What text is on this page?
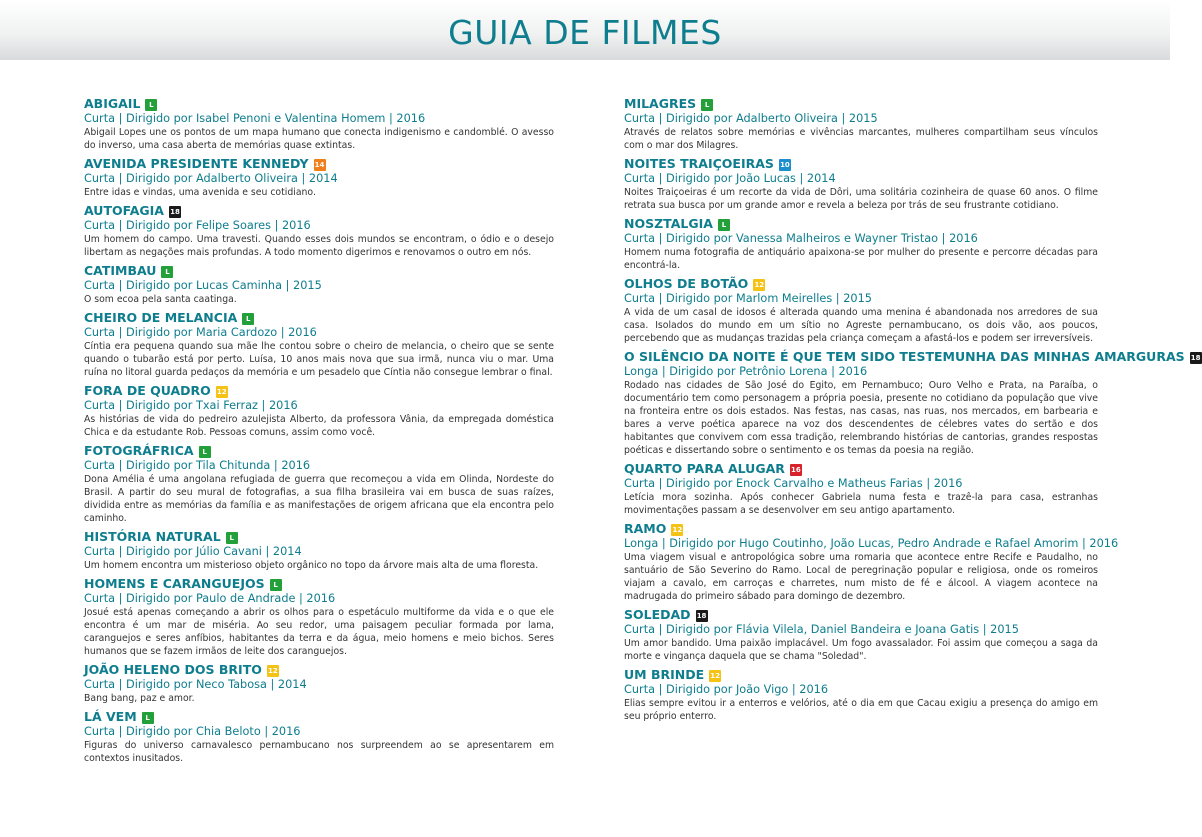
GUIA DE FILMES
ABIGAIL L
Curta | Dirigido por Isabel Penoni e Valentina Homem | 2016
Abigail Lopes une os pontos de um mapa humano que conecta indigenismo e candomblé. O avesso do inverso, uma casa aberta de memórias quase extintas.
AVENIDA PRESIDENTE KENNEDY 14
Curta | Dirigido por Adalberto Oliveira | 2014
Entre idas e vindas, uma avenida e seu cotidiano.
AUTOFAGIA 18
Curta | Dirigido por Felipe Soares | 2016
Um homem do campo. Uma travesti. Quando esses dois mundos se encontram, o ódio e o desejo libertam as negações mais profundas. A todo momento digerimos e renovamos o outro em nós.
CATIMBAU L
Curta | Dirigido por Lucas Caminha | 2015
O som ecoa pela santa caatinga.
CHEIRO DE MELANCIA L
Curta | Dirigido por Maria Cardozo | 2016
Cíntia era pequena quando sua mãe lhe contou sobre o cheiro de melancia, o cheiro que se sente quando o tubarão está por perto. Luísa, 10 anos mais nova que sua irmã, nunca viu o mar. Uma ruína no litoral guarda pedaços da memória e um pesadelo que Cíntia não consegue lembrar o final.
FORA DE QUADRO 12
Curta | Dirigido por Txai Ferraz | 2016
As histórias de vida do pedreiro azulejista Alberto, da professora Vânia, da empregada doméstica Chica e da estudante Rob. Pessoas comuns, assim como você.
FOTOGRÁFRICA L
Curta | Dirigido por Tila Chitunda | 2016
Dona Amélia é uma angolana refugiada de guerra que recomeçou a vida em Olinda, Nordeste do Brasil. A partir do seu mural de fotografias, a sua filha brasileira vai em busca de suas raízes, dividida entre as memórias da família e as manifestações de origem africana que ela encontra pelo caminho.
HISTÓRIA NATURAL L
Curta | Dirigido por Júlio Cavani | 2014
Um homem encontra um misterioso objeto orgânico no topo da árvore mais alta de uma floresta.
HOMENS E CARANGUEJOS L
Curta | Dirigido por Paulo de Andrade | 2016
Josué está apenas começando a abrir os olhos para o espetáculo multiforme da vida e o que ele encontra é um mar de miséria. Ao seu redor, uma paisagem peculiar formada por lama, caranguejos e seres anfíbios, habitantes da terra e da água, meio homens e meio bichos. Seres humanos que se fazem irmãos de leite dos caranguejos.
JOÃO HELENO DOS BRITO 12
Curta | Dirigido por Neco Tabosa | 2014
Bang bang, paz e amor.
LÁ VEM L
Curta | Dirigido por Chia Beloto | 2016
Figuras do universo carnavalesco pernambucano nos surpreendem ao se apresentarem em contextos inusitados.
MILAGRES L
Curta | Dirigido por Adalberto Oliveira | 2015
Através de relatos sobre memórias e vivências marcantes, mulheres compartilham seus vínculos com o mar dos Milagres.
NOITES TRAIÇOEIRAS 10
Curta | Dirigido por João Lucas | 2014
Noites Traiçoeiras é um recorte da vida de Dôri, uma solitária cozinheira de quase 60 anos. O filme retrata sua busca por um grande amor e revela a beleza por trás de seu frustrante cotidiano.
NOSZTALGIA L
Curta | Dirigido por Vanessa Malheiros e Wayner Tristao | 2016
Homem numa fotografia de antiquário apaixona-se por mulher do presente e percorre décadas para encontrá-la.
OLHOS DE BOTÃO 12
Curta | Dirigido por Marlom Meirelles | 2015
A vida de um casal de idosos é alterada quando uma menina é abandonada nos arredores de sua casa. Isolados do mundo em um sítio no Agreste pernambucano, os dois vão, aos poucos, percebendo que as mudanças trazidas pela criança começam a afastá-los e podem ser irreversíveis.
O SILÊNCIO DA NOITE É QUE TEM SIDO TESTEMUNHA DAS MINHAS AMARGURAS 18
Longa | Dirigido por Petrônio Lorena | 2016
Rodado nas cidades de São José do Egito, em Pernambuco; Ouro Velho e Prata, na Paraíba, o documentário tem como personagem a própria poesia, presente no cotidiano da população que vive na fronteira entre os dois estados. Nas festas, nas casas, nas ruas, nos mercados, em barbearia e bares a verve poética aparece na voz dos descendentes de célebres vates do sertão e dos habitantes que convivem com essa tradição, relembrando histórias de cantorias, grandes respostas poéticas e dissertando sobre o sentimento e os temas da poesia na região.
QUARTO PARA ALUGAR 16
Curta | Dirigido por Enock Carvalho e Matheus Farias | 2016
Letícia mora sozinha. Após conhecer Gabriela numa festa e trazê-la para casa, estranhas movimentações passam a se desenvolver em seu antigo apartamento.
RAMO 12
Longa | Dirigido por Hugo Coutinho, João Lucas, Pedro Andrade e Rafael Amorim | 2016
Uma viagem visual e antropológica sobre uma romaria que acontece entre Recife e Paudalho, no santuário de São Severino do Ramo. Local de peregrinação popular e religiosa, onde os romeiros viajam a cavalo, em carroças e charretes, num misto de fé e álcool. A viagem acontece na madrugada do primeiro sábado para domingo de dezembro.
SOLEDAD 18
Curta | Dirigido por Flávia Vilela, Daniel Bandeira e Joana Gatis | 2015
Um amor bandido. Uma paixão implacável. Um fogo avassalador. Foi assim que começou a saga da morte e vingança daquela que se chama "Soledad".
UM BRINDE 12
Curta | Dirigido por João Vigo | 2016
Elias sempre evitou ir a enterros e velórios, até o dia em que Cacau exigiu a presença do amigo em seu próprio enterro.
